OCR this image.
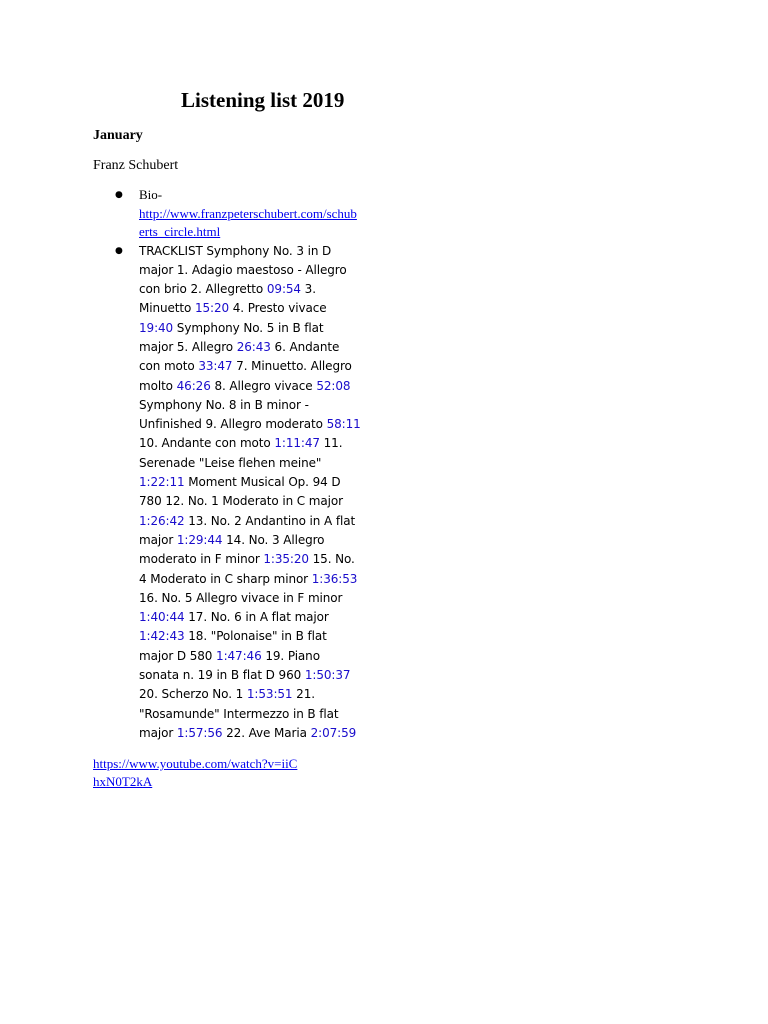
Listening list 2019

January

Franz Schubert

● Bio-
http://www.franzpeterschubert.com/schuberts_circle.html
● TRACKLIST Symphony No. 3 in D major 1. Adagio maestoso - Allegro con brio 2. Allegretto 09:54 3. Minuetto 15:20 4. Presto vivace 19:40 Symphony No. 5 in B flat major 5. Allegro 26:43 6. Andante con moto 33:47 7. Minuetto. Allegro molto 46:26 8. Allegro vivace 52:08 Symphony No. 8 in B minor - Unfinished 9. Allegro moderato 58:11 10. Andante con moto 1:11:47 11. Serenade "Leise flehen meine" 1:22:11 Moment Musical Op. 94 D 780 12. No. 1 Moderato in C major 1:26:42 13. No. 2 Andantino in A flat major 1:29:44 14. No. 3 Allegro moderato in F minor 1:35:20 15. No. 4 Moderato in C sharp minor 1:36:53 16. No. 5 Allegro vivace in F minor 1:40:44 17. No. 6 in A flat major 1:42:43 18. "Polonaise" in B flat major D 580 1:47:46 19. Piano sonata n. 19 in B flat D 960 1:50:37 20. Scherzo No. 1 1:53:51 21. "Rosamunde" Intermezzo in B flat major 1:57:56 22. Ave Maria 2:07:59
https://www.youtube.com/watch?v=iiChxN0T2kA
